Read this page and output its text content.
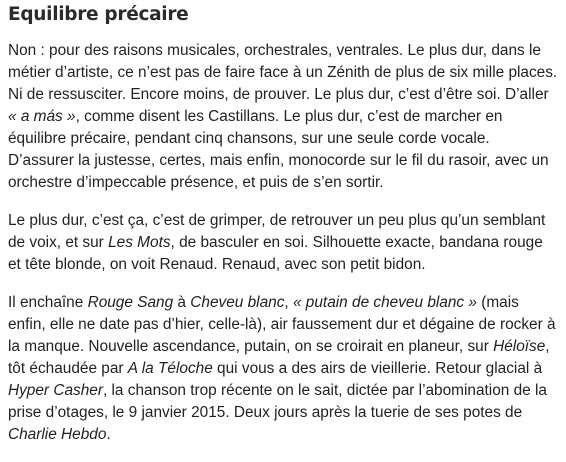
Equilibre précaire

Non : pour des raisons musicales, orchestrales, ventrales. Le plus dur, dans le
métier d’artiste, ce n’est pas de faire face à un Zénith de plus de six mille places.
Ni de ressusciter. Encore moins, de prouver. Le plus dur, c’est d’être soi. D’aller
« a más », comme disent les Castillans. Le plus dur, c’est de marcher en
équilibre précaire, pendant cinq chansons, sur une seule corde vocale.
D’assurer la justesse, certes, mais enfin, monocorde sur le fil du rasoir, avec un
orchestre d’impeccable présence, et puis de s’en sortir.

Le plus dur, c’est ça, c’est de grimper, de retrouver un peu plus qu’un semblant
de voix, et sur Les Mots, de basculer en soi. Silhouette exacte, bandana rouge
et tête blonde, on voit Renaud. Renaud, avec son petit bidon.

Il enchaîne Rouge Sang à Cheveu blanc, « putain de cheveu blanc » (mais
enfin, elle ne date pas d’hier, celle-là), air faussement dur et dégaine de rocker à
la manque. Nouvelle ascendance, putain, on se croirait en planeur, sur Héloïse,
tôt échaudée par A la Téloche qui vous a des airs de vieillerie. Retour glacial à
Hyper Casher, la chanson trop récente on le sait, dictée par l’abomination de la
prise d’otages, le 9 janvier 2015. Deux jours après la tuerie de ses potes de
Charlie Hebdo.
